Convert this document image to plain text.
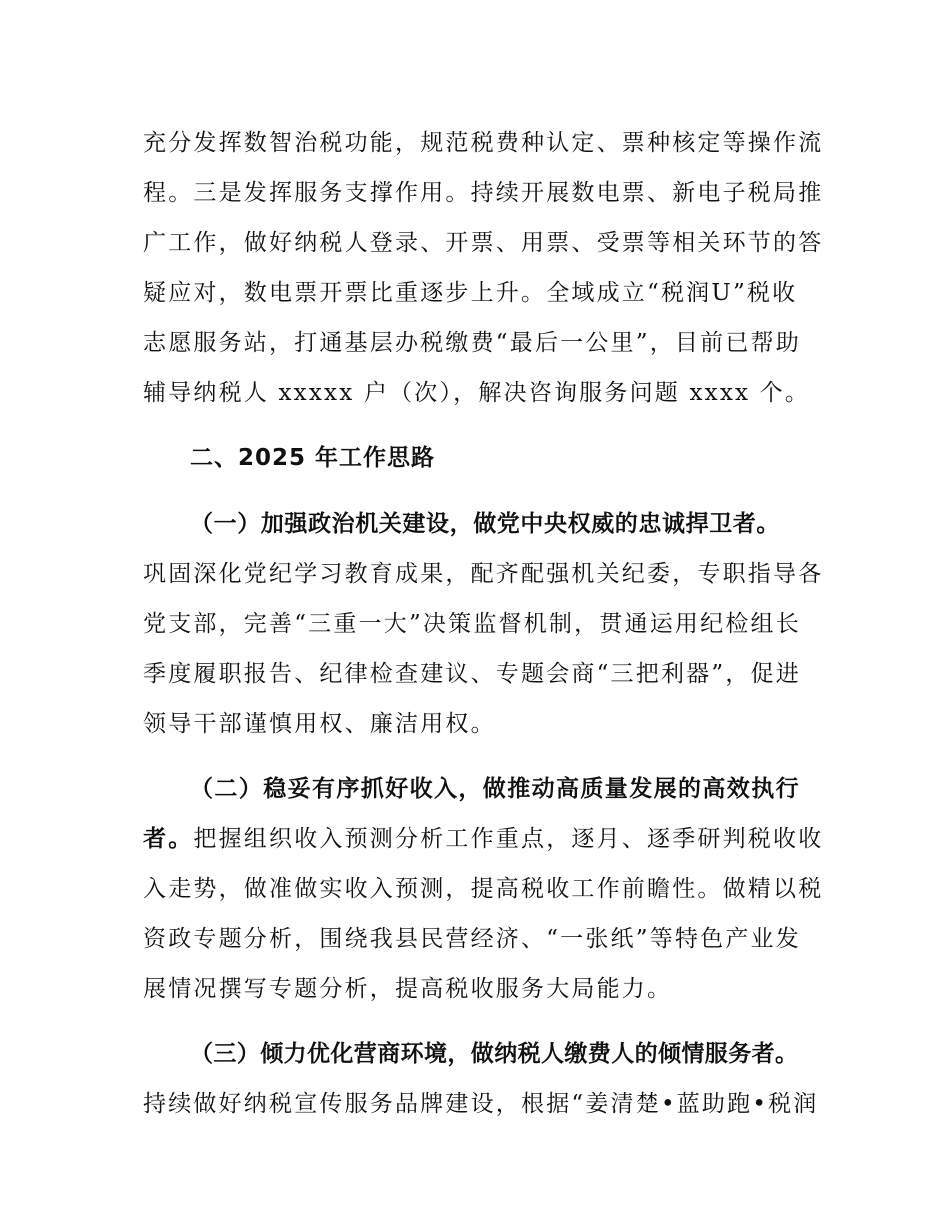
充分发挥数智治税功能，规范税费种认定、票种核定等操作流
程。三是发挥服务支撑作用。持续开展数电票、新电子税局推
广工作，做好纳税人登录、开票、用票、受票等相关环节的答
疑应对，数电票开票比重逐步上升。全域成立“税润U”税收
志愿服务站，打通基层办税缴费“最后一公里”，目前已帮助
辅导纳税人 xxxxx 户（次），解决咨询服务问题 xxxx 个。
二、2025 年工作思路
（一）加强政治机关建设，做党中央权威的忠诚捍卫者。
巩固深化党纪学习教育成果，配齐配强机关纪委，专职指导各
党支部，完善“三重一大”决策监督机制，贯通运用纪检组长
季度履职报告、纪律检查建议、专题会商“三把利器”，促进
领导干部谨慎用权、廉洁用权。
（二）稳妥有序抓好收入，做推动高质量发展的高效执行
者。把握组织收入预测分析工作重点，逐月、逐季研判税收收
入走势，做准做实收入预测，提高税收工作前瞻性。做精以税
资政专题分析，围绕我县民营经济、“一张纸”等特色产业发
展情况撰写专题分析，提高税收服务大局能力。
（三）倾力优化营商环境，做纳税人缴费人的倾情服务者。
持续做好纳税宣传服务品牌建设，根据“姜清楚•蓝助跑•税润
